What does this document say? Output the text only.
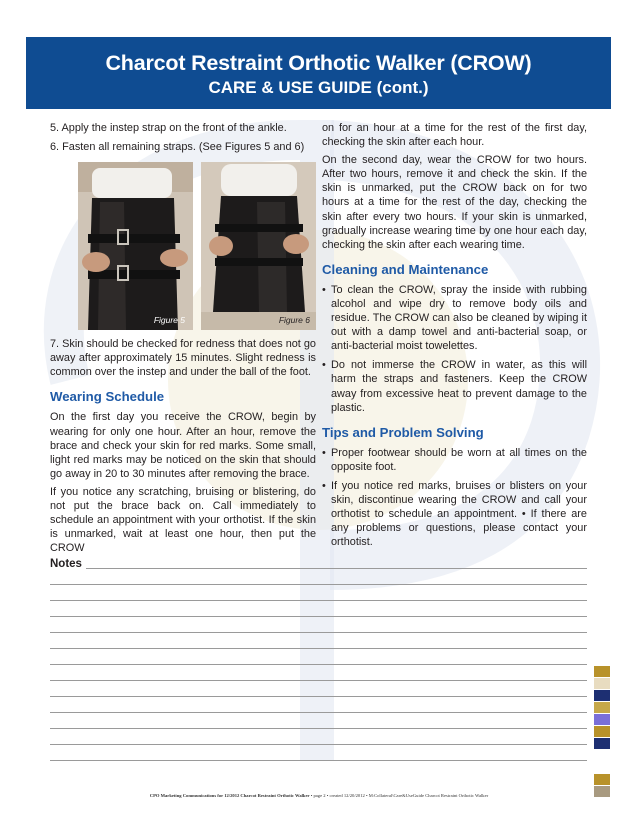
Charcot Restraint Orthotic Walker (CROW)
CARE & USE GUIDE (cont.)

5. Apply the instep strap on the front of the ankle.

6. Fasten all remaining straps. (See Figures 5 and 6)

Figure 5	Figure 6

7. Skin should be checked for redness that does not go away after approximately 15 minutes. Slight redness is common over the instep and under the ball of the foot.

Wearing Schedule

On the first day you receive the CROW, begin by wearing for only one hour. After an hour, remove the brace and check your skin for red marks. Some small, light red marks may be noticed on the skin that should go away in 20 to 30 minutes after removing the brace.

If you notice any scratching, bruising or blistering, do not put the brace back on. Call immediately to schedule an appointment with your orthotist. If the skin is unmarked, wait at least one hour, then put the CROW

on for an hour at a time for the rest of the first day, checking the skin after each hour.

On the second day, wear the CROW for two hours. After two hours, remove it and check the skin. If the skin is unmarked, put the CROW back on for two hours at a time for the rest of the day, checking the skin after every two hours. If your skin is unmarked, gradually increase wearing time by one hour each day, checking the skin after each wearing time.

Cleaning and Maintenance
• To clean the CROW, spray the inside with rubbing alcohol and wipe dry to remove body oils and residue. The CROW can also be cleaned by wiping it out with a damp towel and anti-bacterial soap, or anti-bacterial moist towelettes.
• Do not immerse the CROW in water, as this will harm the straps and fasteners. Keep the CROW away from excessive heat to prevent damage to the plastic.
Tips and Problem Solving
• Proper footwear should be worn at all times on the opposite foot.
• If you notice red marks, bruises or blisters on your skin, discontinue wearing the CROW and call your orthotist to schedule an appointment. • If there are any problems or questions, please contact your orthotist.
Notes
CPO Marketing Communications for 12/2012 Charcot Restraint Orthotic Walker • page 2 • created 12/20/2012 • M:Collateral\Care&UseGuide Charcot Restraint Orthotic Walker
